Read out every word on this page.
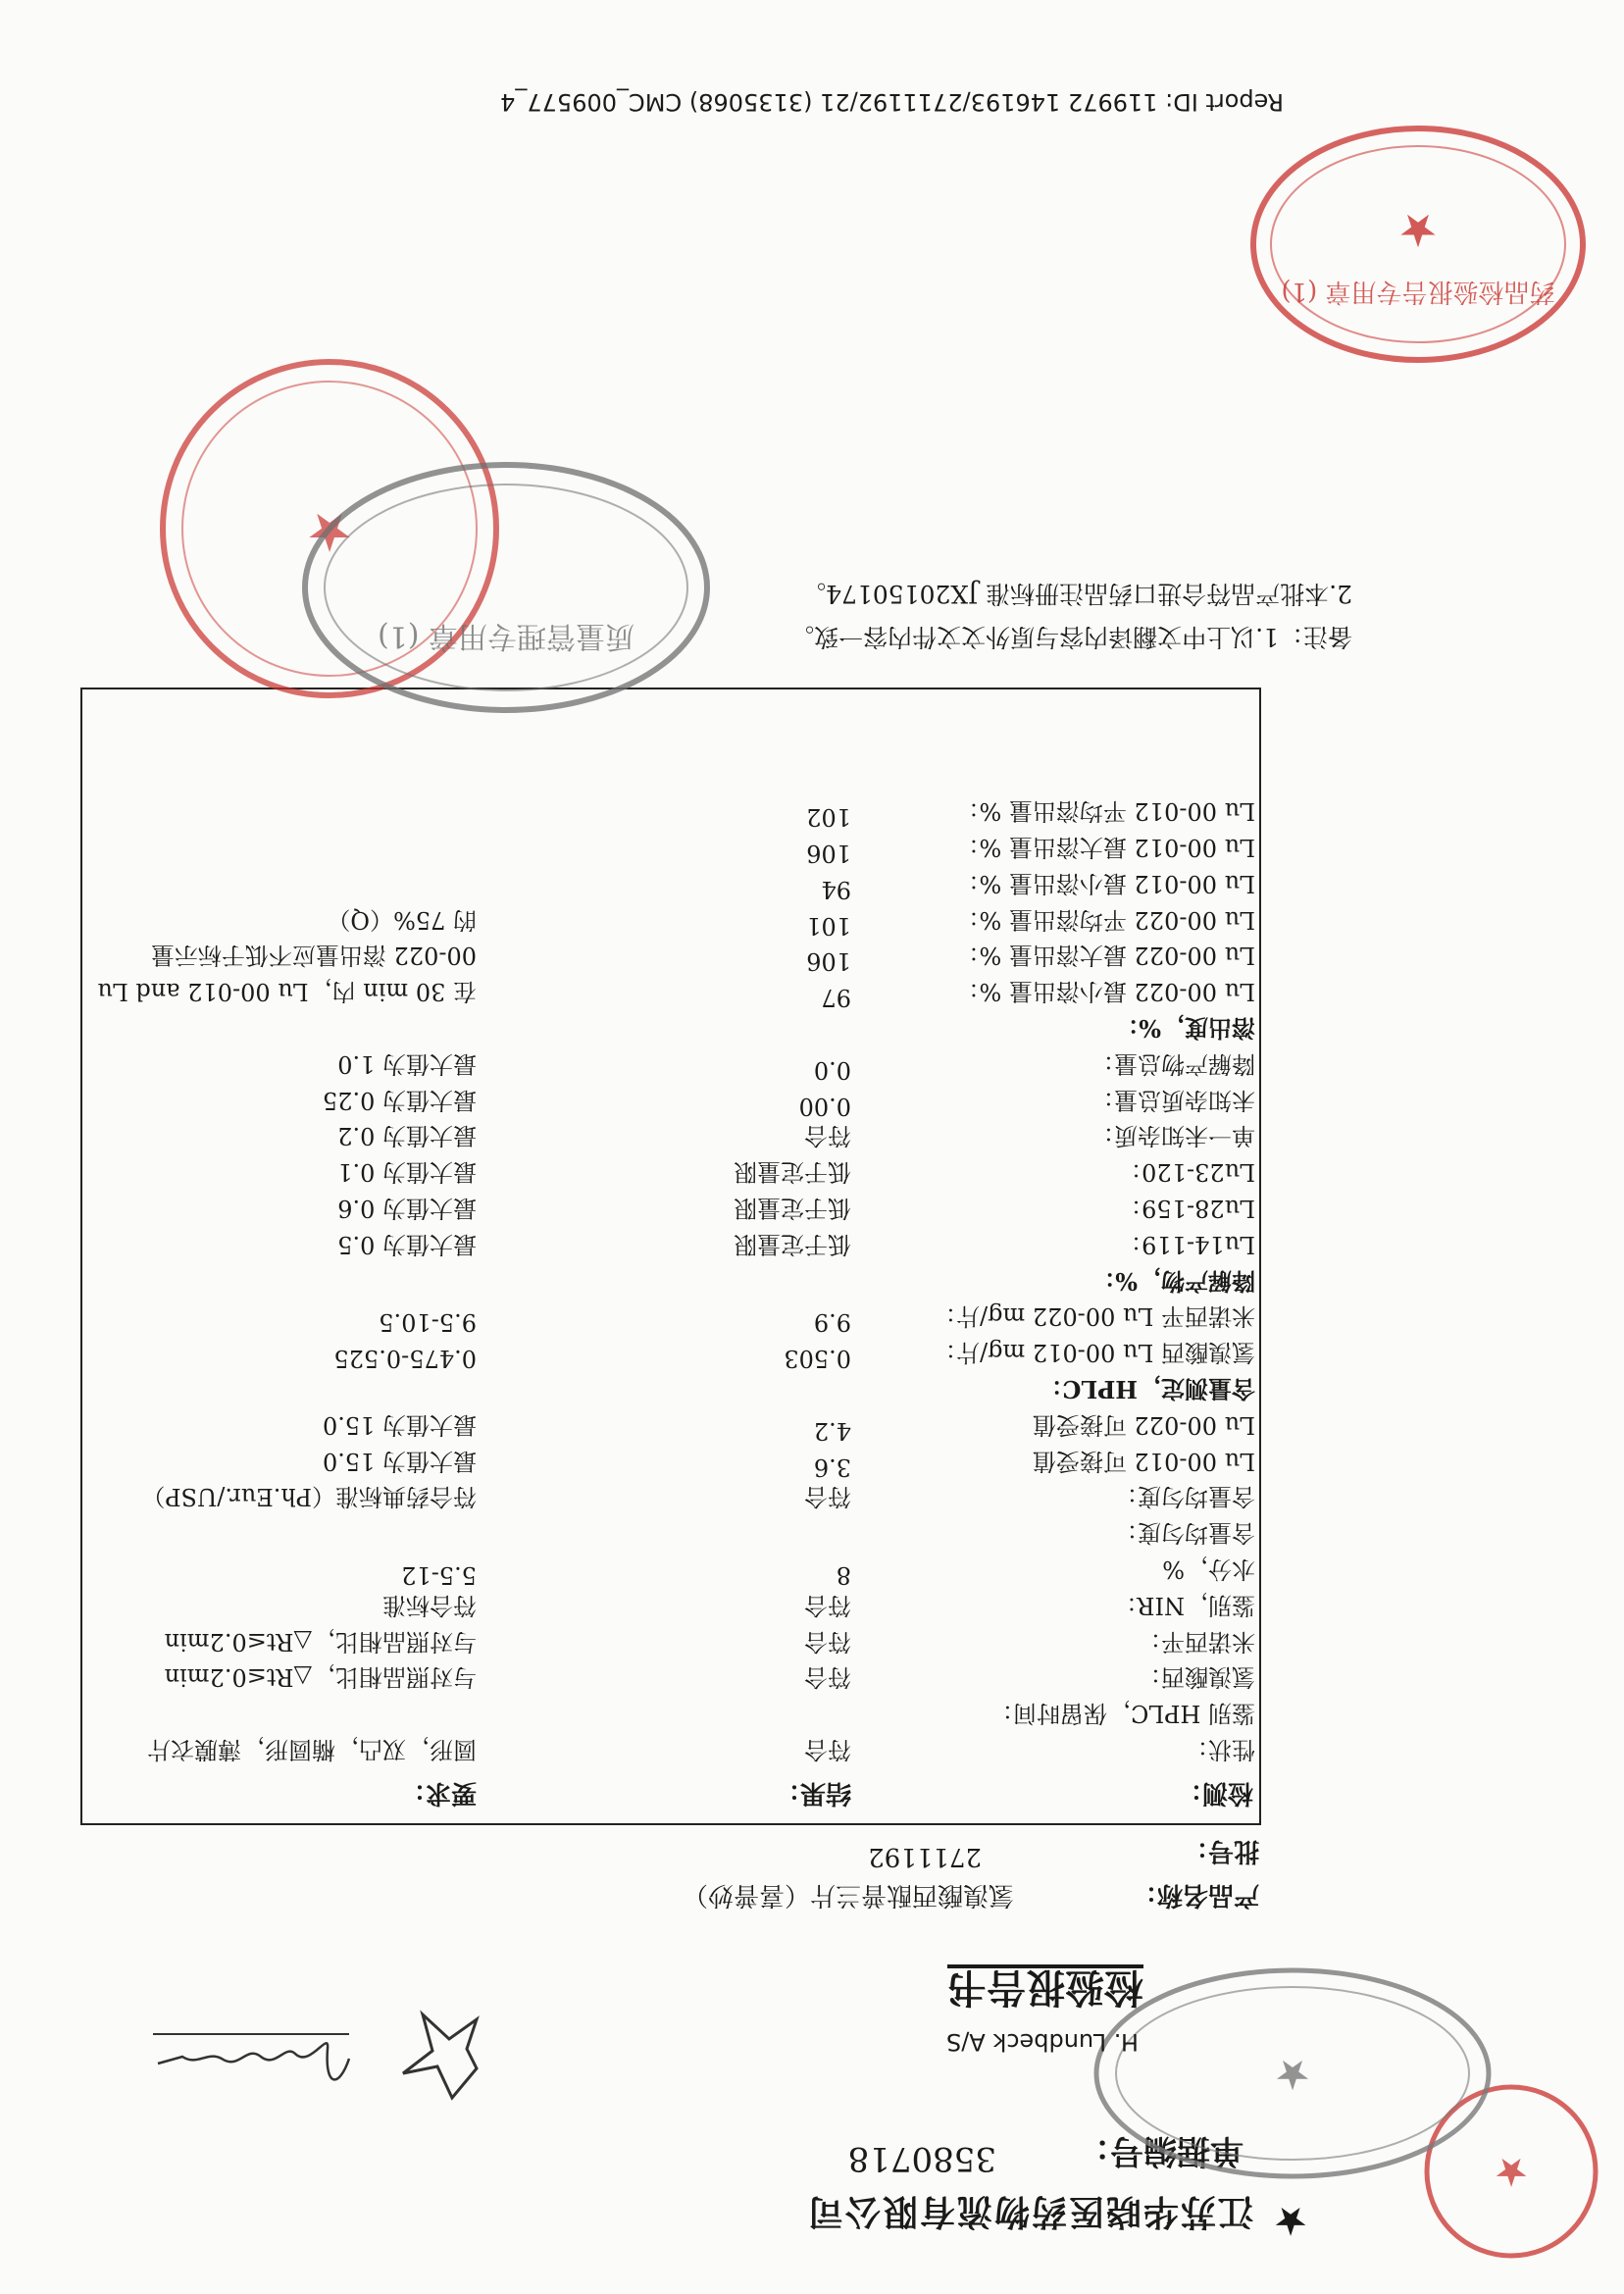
★
江苏华晓医药物流有限公司
单据编号：
3580718	★
★
H. Lundbeck A/S
检验报告书
产品名称：
氢溴酸西酞普兰片（喜普妙）
批号：
2711192
检测：
结果：
要求：
备注：1.以上中文翻译内容与原外文文件内容一致。
2.本批产品符合进口药品注册标准 JX20150174。
★
质量管理专用章 (1)
★
药品检验报告专用章 (1)
Report ID: 119972 146193/2711192/21 (3135068) CMC_009577_4
性状：
符合
圆形，双凸，椭圆形，薄膜衣片
鉴别 HPLC，保留时间：
氢溴酸西：
符合
与对照品相比，△Rt≤0.2min
米诺西平：
符合
与对照品相比，△Rt≤0.2min
鉴别，NIR：
符合
符合标准
水分，%
8
5.5-12
含量均匀度：
含量均匀度：
符合
符合药典标准（Ph.Eur./USP）
Lu 00-012 可接受值
3.6
最大值为 15.0
Lu 00-022 可接受值
4.2
最大值为 15.0
含量测定，HPLC：
氢溴酸西 Lu 00-012 mg/片：
0.503
0.475-0.525
米诺西平 Lu 00-022 mg/片：
9.9
9.5-10.5
降解产物，%：
Lu14-119：
低于定量限
最大值为 0.5
Lu28-159：
低于定量限
最大值为 0.6
Lu23-120：
低于定量限
最大值为 0.1
单一未知杂质：
符合
最大值为 0.2
未知杂质总量：
0.00
最大值为 0.25
降解产物总量：
0.0
最大值为 1.0
溶出度，%：
Lu 00-022 最小溶出量 %：
97
在 30 min 内，Lu 00-012 and Lu
Lu 00-022 最大溶出量 %：
106
00-022 溶出量应不低于标示量
Lu 00-022 平均溶出量 %：
101
的 75%（Q）
Lu 00-012 最小溶出量 %：
94
Lu 00-012 最大溶出量 %：
106
Lu 00-012 平均溶出量 %：
102
